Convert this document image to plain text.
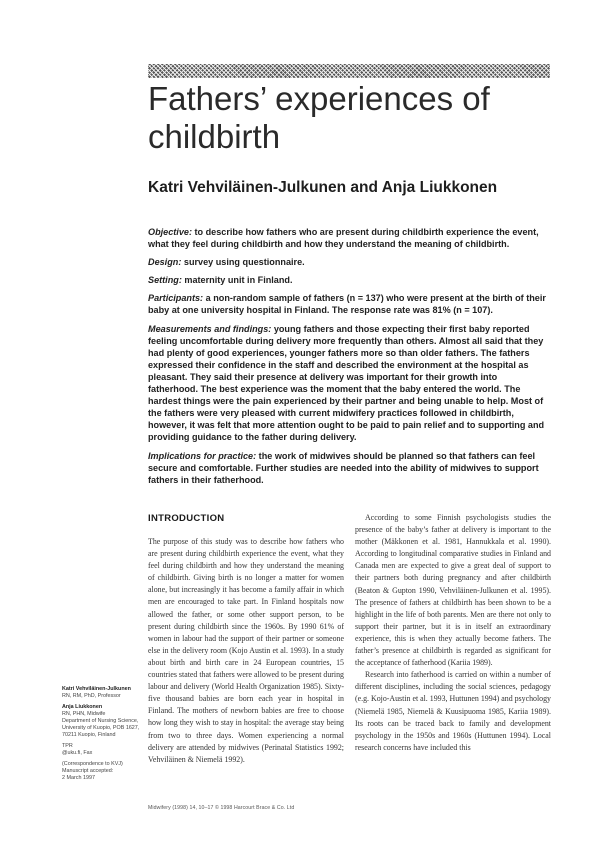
Fathers’ experiences of childbirth
Katri Vehviläinen-Julkunen and Anja Liukkonen

Objective: to describe how fathers who are present during childbirth experience the event, what they feel during childbirth and how they understand the meaning of childbirth.

Design: survey using questionnaire.

Setting: maternity unit in Finland.

Participants: a non-random sample of fathers (n = 137) who were present at the birth of their baby at one university hospital in Finland. The response rate was 81% (n = 107).

Measurements and findings: young fathers and those expecting their first baby reported feeling uncomfortable during delivery more frequently than others. Almost all said that they had plenty of good experiences, younger fathers more so than older fathers. The fathers expressed their confidence in the staff and described the environment at the hospital as pleasant. They said their presence at delivery was important for their growth into fatherhood. The best experience was the moment that the baby entered the world. The hardest things were the pain experienced by their partner and being unable to help. Most of the fathers were very pleased with current midwifery practices followed in childbirth, however, it was felt that more attention ought to be paid to pain relief and to supporting and providing guidance to the father during delivery.

Implications for practice: the work of midwives should be planned so that fathers can feel secure and comfortable. Further studies are needed into the ability of midwives to support fathers in their fatherhood.

INTRODUCTION

The purpose of this study was to describe how fathers who are present during childbirth experience the event, what they feel during childbirth and how they understand the meaning of childbirth. Giving birth is no longer a matter for women alone, but increasingly it has become a family affair in which men are encouraged to take part. In Finland hospitals now allowed the father, or some other support person, to be present during childbirth since the 1960s. By 1990 61% of women in labour had the support of their partner or someone else in the delivery room (Kojo Austin et al. 1993). In a study about birth and birth care in 24 European countries, 15 countries stated that fathers were allowed to be present during labour and delivery (World Health Organization 1985). Sixty-five thousand babies are born each year in hospital in Finland. The mothers of newborn babies are free to choose how long they wish to stay in hospital: the average stay being from two to three days. Women experiencing a normal delivery are attended by midwives (Perinatal Statistics 1992; Vehviläinen & Niemelä 1992).

According to some Finnish psychologists studies the presence of the baby’s father at delivery is important to the mother (Mäkkonen et al. 1981, Hannukkala et al. 1990). According to longitudinal comparative studies in Finland and Canada men are expected to give a great deal of support to their partners both during pregnancy and after childbirth (Beaton & Gupton 1990, Vehviläinen-Julkunen et al. 1995). The presence of fathers at childbirth has been shown to be a highlight in the life of both parents. Men are there not only to support their partner, but it is in itself an extraordinary experience, this is when they actually become fathers. The father’s presence at childbirth is regarded as significant for the acceptance of fatherhood (Kariia 1989).

Research into fatherhood is carried on within a number of different disciplines, including the social sciences, pedagogy (e.g. Kojo-Austin et al. 1993, Huttunen 1994) and psychology (Niemelä 1985, Niemelä & Kuusipuoma 1985, Kariia 1989). Its roots can be traced back to family and development psychology in the 1950s and 1960s (Huttunen 1994). Local research concerns have included this

Katri Vehviläinen-Julkunen
RN, RM, PhD, Professor
Anja Liukkonen
RN, PHN, Midwife
Department of Nursing Science, University of Kuopio, POB 1627, 70211 Kuopio, Finland
TPR
@uku.fi, Fax
(Correspondence to KVJ)
Manuscript accepted:
2 March 1997
Midwifery (1998) 14, 10–17 © 1998 Harcourt Brace & Co. Ltd
